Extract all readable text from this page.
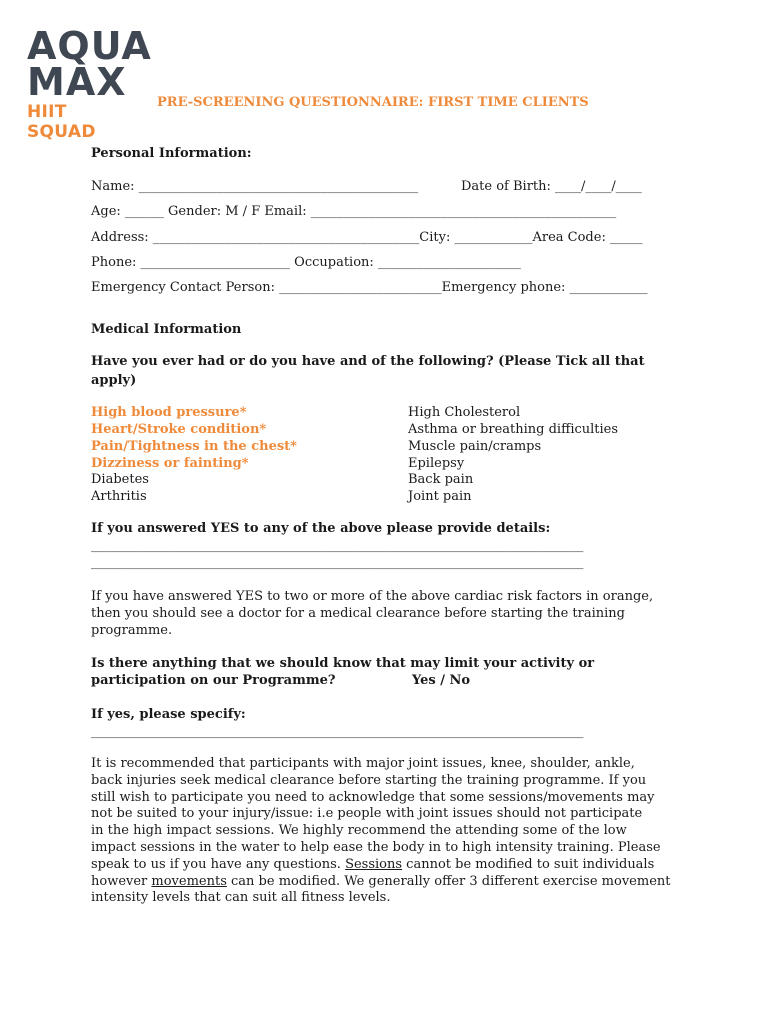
AQUA
MAX
HIIT SQUAD
PRE-SCREENING QUESTIONNAIRE: FIRST TIME CLIENTS
Personal Information:
Name: ___________________________________________	Date of Birth: ____/____/____
Age: ______ Gender: M / F Email: _______________________________________________
Address: _________________________________________City: ____________Area Code: _____
Phone: _______________________ Occupation: ______________________
Emergency Contact Person: _________________________Emergency phone: ____________
Medical Information
Have you ever had or do you have and of the following? (Please Tick all that
apply)
High blood pressure*
Heart/Stroke condition*
Pain/Tightness in the chest*
Dizziness or fainting*
Diabetes
Arthritis
High Cholesterol
Asthma or breathing difficulties
Muscle pain/cramps
Epilepsy
Back pain
Joint pain
If you answered YES to any of the above please provide details:
________________________________________________________________________________
________________________________________________________________________________
If you have answered YES to two or more of the above cardiac risk factors in orange,
then you should see a doctor for a medical clearance before starting the training
programme.
Is there anything that we should know that may limit your activity or
participation on our Programme?	Yes / No
If yes, please specify:
________________________________________________________________________________
It is recommended that participants with major joint issues, knee, shoulder, ankle,
back injuries seek medical clearance before starting the training programme. If you
still wish to participate you need to acknowledge that some sessions/movements may
not be suited to your injury/issue: i.e people with joint issues should not participate
in the high impact sessions. We highly recommend the attending some of the low
impact sessions in the water to help ease the body in to high intensity training. Please
speak to us if you have any questions. Sessions cannot be modified to suit individuals
however movements can be modified. We generally offer 3 different exercise movement
intensity levels that can suit all fitness levels.
